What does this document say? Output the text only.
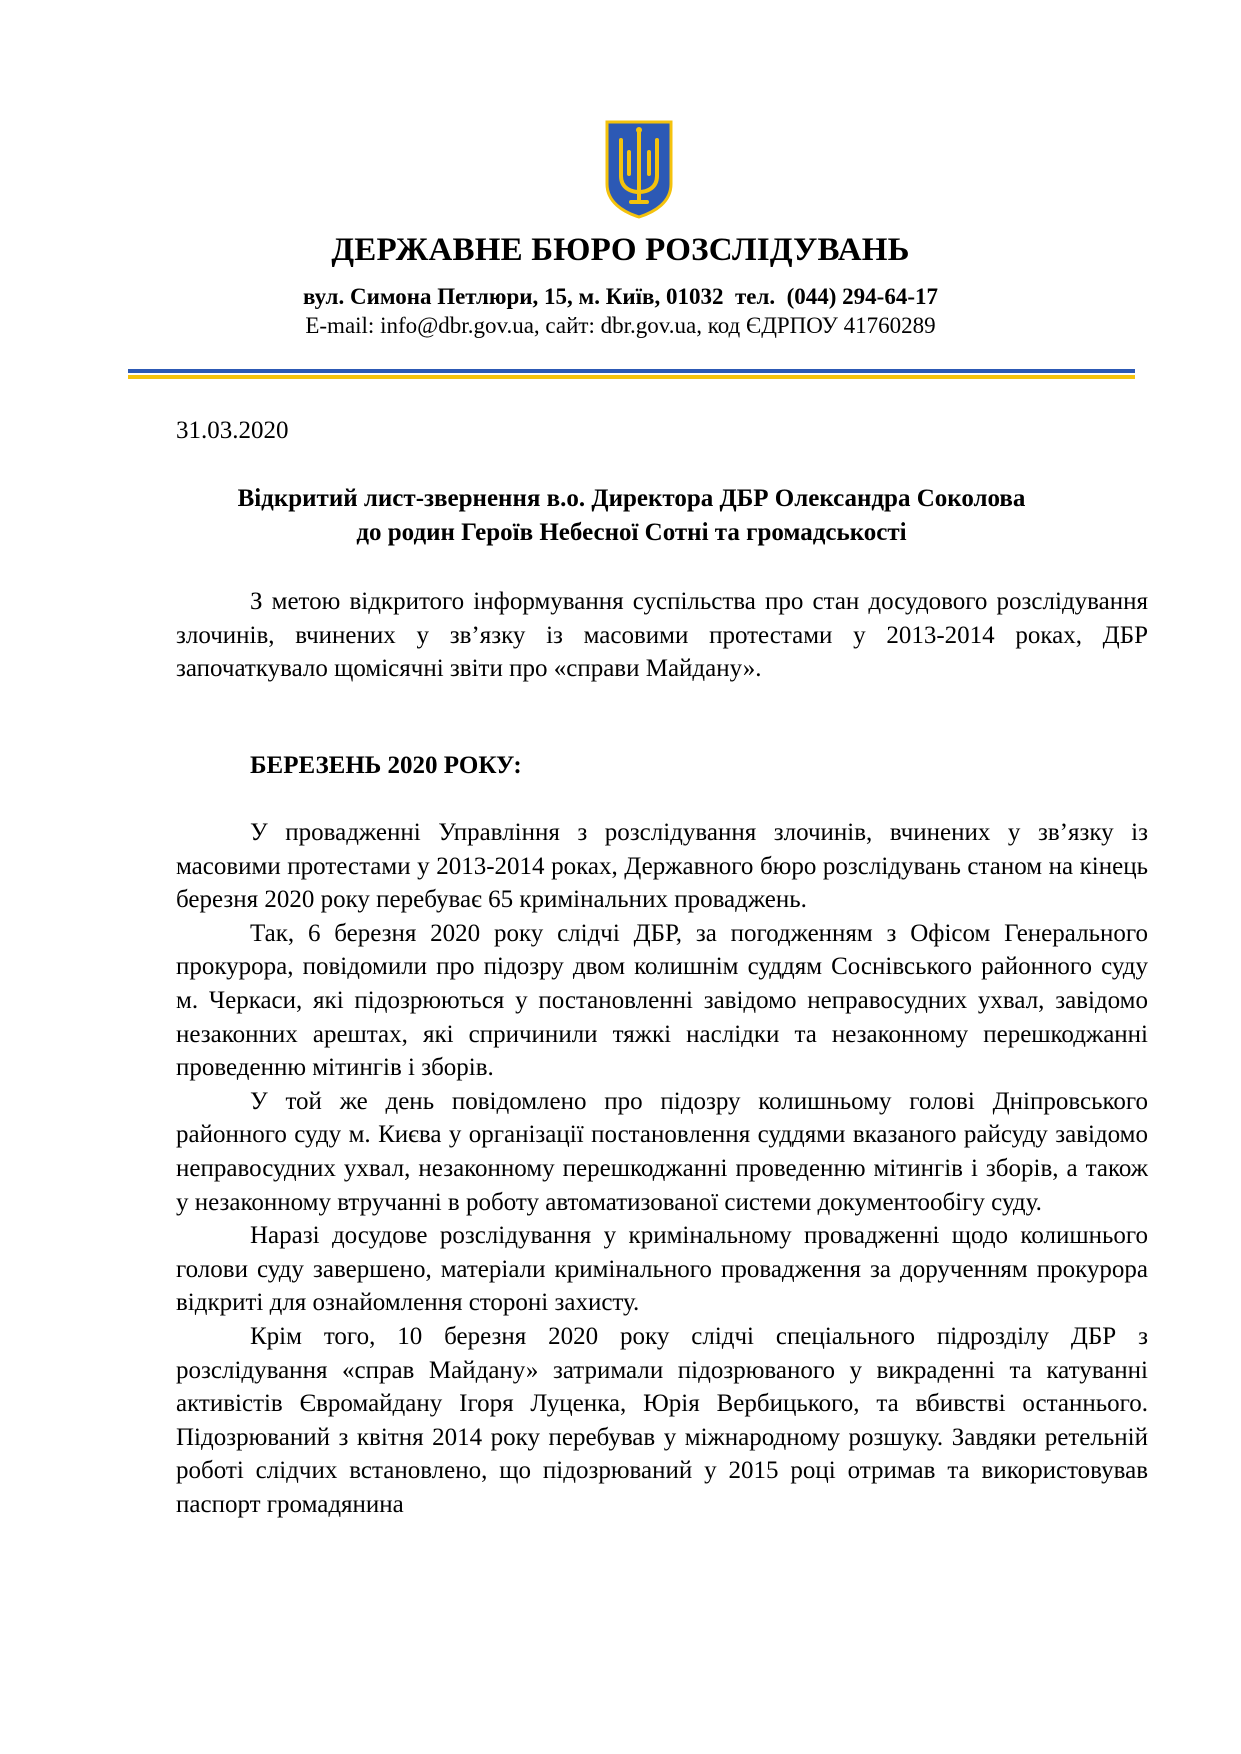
ДЕРЖАВНЕ БЮРО РОЗСЛІДУВАНЬ
вул. Симона Петлюри, 15, м. Київ, 01032  тел.  (044) 294-64-17
E-mail: info@dbr.gov.ua, сайт: dbr.gov.ua, код ЄДРПОУ 41760289
31.03.2020
Відкритий лист-звернення в.о. Директора ДБР Олександра Соколова
до родин Героїв Небесної Сотні та громадськості

З метою відкритого інформування суспільства про стан досудового розслідування злочинів, вчинених у зв’язку із масовими протестами у 2013-2014 роках, ДБР започаткувало щомісячні звіти про «справи Майдану».

БЕРЕЗЕНЬ 2020 РОКУ:

У провадженні Управління з розслідування злочинів, вчинених у зв’язку із масовими протестами у 2013-2014 роках, Державного бюро розслідувань станом на кінець березня 2020 року перебуває 65 кримінальних проваджень.

Так, 6 березня 2020 року слідчі ДБР, за погодженням з Офісом Генерального прокурора, повідомили про підозру двом колишнім суддям Соснівського районного суду м. Черкаси, які підозрюються у постановленні завідомо неправосудних ухвал, завідомо незаконних арештах, які спричинили тяжкі наслідки та незаконному перешкоджанні проведенню мітингів і зборів.

У той же день повідомлено про підозру колишньому голові Дніпровського районного суду м. Києва у організації постановлення суддями вказаного райсуду завідомо неправосудних ухвал, незаконному перешкоджанні проведенню мітингів і зборів, а також у незаконному втручанні в роботу автоматизованої системи документообігу суду.

Наразі досудове розслідування у кримінальному провадженні щодо колишнього голови суду завершено, матеріали кримінального провадження за дорученням прокурора відкриті для ознайомлення стороні захисту.

Крім того, 10 березня 2020 року слідчі спеціального підрозділу ДБР з розслідування «справ Майдану» затримали підозрюваного у викраденні та катуванні активістів Євромайдану Ігоря Луценка, Юрія Вербицького, та вбивстві останнього. Підозрюваний з квітня 2014 року перебував у міжнародному розшуку. Завдяки ретельній роботі слідчих встановлено, що підозрюваний у 2015 році отримав та використовував паспорт громадянина
